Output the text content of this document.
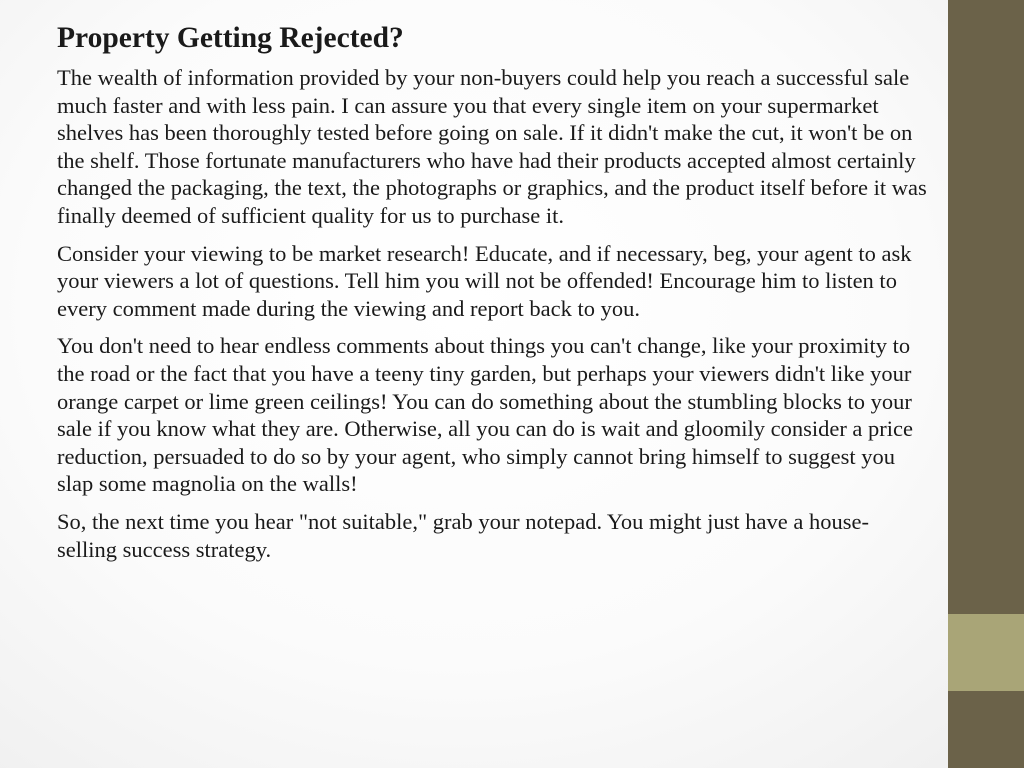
Property Getting Rejected?

The wealth of information provided by your non-buyers could help you reach a successful sale much faster and with less pain. I can assure you that every single item on your supermarket shelves has been thoroughly tested before going on sale. If it didn't make the cut, it won't be on the shelf. Those fortunate manufacturers who have had their products accepted almost certainly changed the packaging, the text, the photographs or graphics, and the product itself before it was finally deemed of sufficient quality for us to purchase it.

Consider your viewing to be market research! Educate, and if necessary, beg, your agent to ask your viewers a lot of questions. Tell him you will not be offended! Encourage him to listen to every comment made during the viewing and report back to you.

You don't need to hear endless comments about things you can't change, like your proximity to the road or the fact that you have a teeny tiny garden, but perhaps your viewers didn't like your orange carpet or lime green ceilings! You can do something about the stumbling blocks to your sale if you know what they are. Otherwise, all you can do is wait and gloomily consider a price reduction, persuaded to do so by your agent, who simply cannot bring himself to suggest you slap some magnolia on the walls!

So, the next time you hear "not suitable," grab your notepad. You might just have a house-selling success strategy.
